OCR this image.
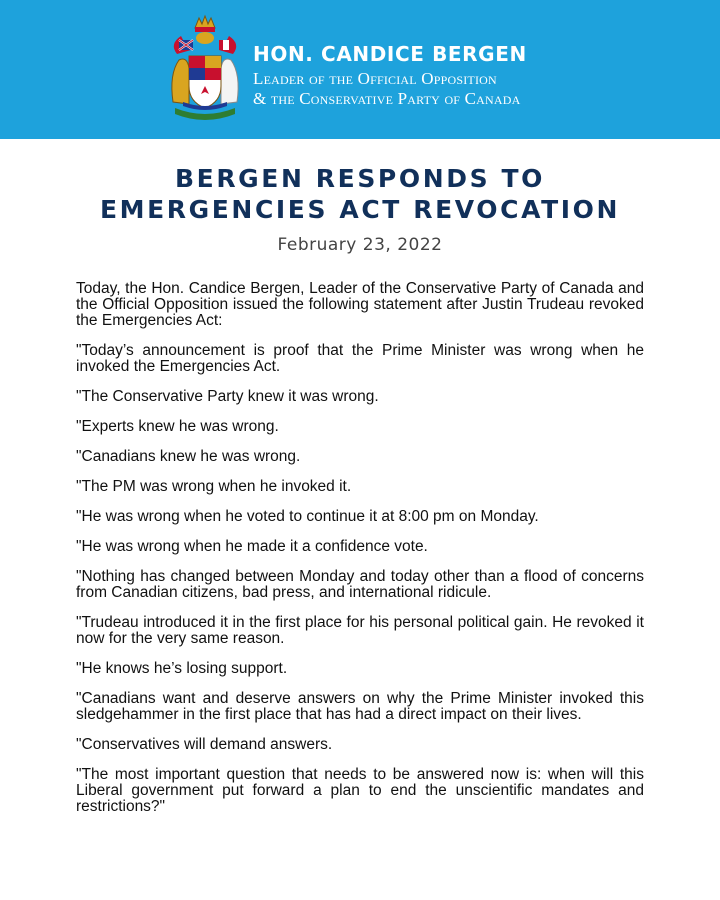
HON. CANDICE BERGEN
Leader of the Official Opposition
& the Conservative Party of Canada
BERGEN RESPONDS TO
EMERGENCIES ACT REVOCATION
February 23, 2022

Today, the Hon. Candice Bergen, Leader of the Conservative Party of Canada and the Official Opposition issued the following statement after Justin Trudeau revoked the Emergencies Act:

"Today’s announcement is proof that the Prime Minister was wrong when he invoked the Emergencies Act.

"The Conservative Party knew it was wrong.

"Experts knew he was wrong.

"Canadians knew he was wrong.

"The PM was wrong when he invoked it.

"He was wrong when he voted to continue it at 8:00 pm on Monday.

"He was wrong when he made it a confidence vote.

"Nothing has changed between Monday and today other than a flood of concerns from Canadian citizens, bad press, and international ridicule.

"Trudeau introduced it in the first place for his personal political gain. He revoked it now for the very same reason.

"He knows he’s losing support.

"Canadians want and deserve answers on why the Prime Minister invoked this sledgehammer in the first place that has had a direct impact on their lives.

"Conservatives will demand answers.

"The most important question that needs to be answered now is: when will this Liberal government put forward a plan to end the unscientific mandates and restrictions?"
